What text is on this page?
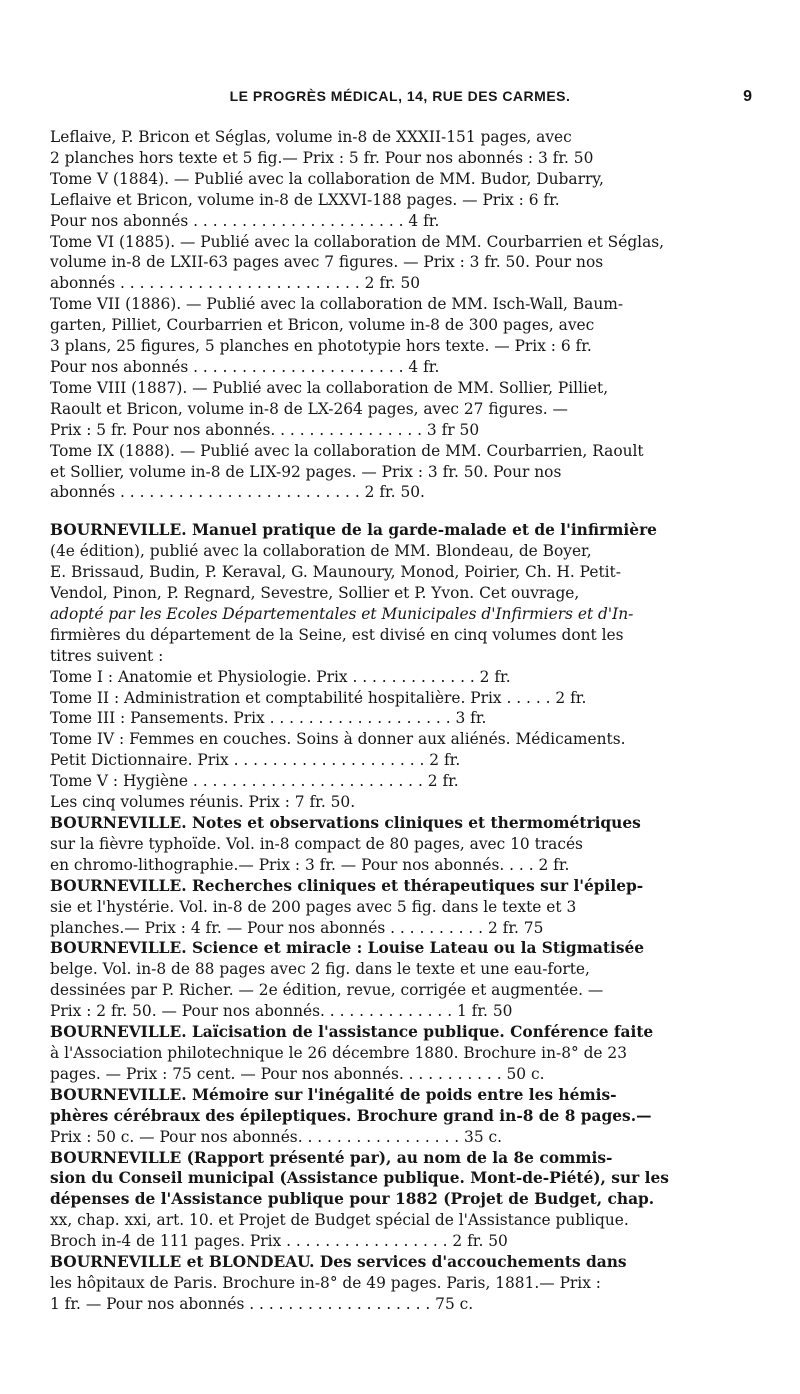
LE PROGRÈS MÉDICAL, 14, RUE DES CARMES.	9
Leflaive, P. Bricon et Séglas, volume in-8 de XXXII-151 pages, avec
2 planches hors texte et 5 fig.— Prix : 5 fr. Pour nos abonnés : 3 fr. 50
Tome V (1884). — Publié avec la collaboration de MM. Budor, Dubarry,
Leflaive et Bricon, volume in-8 de LXXVI-188 pages. — Prix : 6 fr.
Pour nos abonnés . . . . . . . . . . . . . . . . . . . . . . 4 fr.
Tome VI (1885). — Publié avec la collaboration de MM. Courbarrien et Séglas,
volume in-8 de LXII-63 pages avec 7 figures. — Prix : 3 fr. 50. Pour nos
abonnés . . . . . . . . . . . . . . . . . . . . . . . . . 2 fr. 50
Tome VII (1886). — Publié avec la collaboration de MM. Isch-Wall, Baum-
garten, Pilliet, Courbarrien et Bricon, volume in-8 de 300 pages, avec
3 plans, 25 figures, 5 planches en phototypie hors texte. — Prix : 6 fr.
Pour nos abonnés . . . . . . . . . . . . . . . . . . . . . . 4 fr.
Tome VIII (1887). — Publié avec la collaboration de MM. Sollier, Pilliet,
Raoult et Bricon, volume in-8 de LX-264 pages, avec 27 figures. —
Prix : 5 fr. Pour nos abonnés. . . . . . . . . . . . . . . . 3 fr 50
Tome IX (1888). — Publié avec la collaboration de MM. Courbarrien, Raoult
et Sollier, volume in-8 de LIX-92 pages. — Prix : 3 fr. 50. Pour nos
abonnés . . . . . . . . . . . . . . . . . . . . . . . . . 2 fr. 50.
BOURNEVILLE. Manuel pratique de la garde-malade et de l'infirmière
(4e édition), publié avec la collaboration de MM. Blondeau, de Boyer,
E. Brissaud, Budin, P. Keraval, G. Maunoury, Monod, Poirier, Ch. H. Petit-
Vendol, Pinon, P. Regnard, Sevestre, Sollier et P. Yvon. Cet ouvrage,
adopté par les Ecoles Départementales et Municipales d'Infirmiers et d'In-
firmières du département de la Seine, est divisé en cinq volumes dont les
titres suivent :
Tome I : Anatomie et Physiologie. Prix . . . . . . . . . . . . . 2 fr.
Tome II : Administration et comptabilité hospitalière. Prix . . . . . 2 fr.
Tome III : Pansements. Prix . . . . . . . . . . . . . . . . . . . 3 fr.
Tome IV : Femmes en couches. Soins à donner aux aliénés. Médicaments.
Petit Dictionnaire. Prix . . . . . . . . . . . . . . . . . . . . 2 fr.
Tome V : Hygiène . . . . . . . . . . . . . . . . . . . . . . . . 2 fr.
Les cinq volumes réunis. Prix : 7 fr. 50.
BOURNEVILLE. Notes et observations cliniques et thermométriques
sur la fièvre typhoïde. Vol. in-8 compact de 80 pages, avec 10 tracés
en chromo-lithographie.— Prix : 3 fr. — Pour nos abonnés. . . . 2 fr.
BOURNEVILLE. Recherches cliniques et thérapeutiques sur l'épilep-
sie et l'hystérie. Vol. in-8 de 200 pages avec 5 fig. dans le texte et 3
planches.— Prix : 4 fr. — Pour nos abonnés . . . . . . . . . . 2 fr. 75
BOURNEVILLE. Science et miracle : Louise Lateau ou la Stigmatisée
belge. Vol. in-8 de 88 pages avec 2 fig. dans le texte et une eau-forte,
dessinées par P. Richer. — 2e édition, revue, corrigée et augmentée. —
Prix : 2 fr. 50. — Pour nos abonnés. . . . . . . . . . . . . . 1 fr. 50
BOURNEVILLE. Laïcisation de l'assistance publique. Conférence faite
à l'Association philotechnique le 26 décembre 1880. Brochure in-8° de 23
pages. — Prix : 75 cent. — Pour nos abonnés. . . . . . . . . . . 50 c.
BOURNEVILLE. Mémoire sur l'inégalité de poids entre les hémis-
phères cérébraux des épileptiques. Brochure grand in-8 de 8 pages.—
Prix : 50 c. — Pour nos abonnés. . . . . . . . . . . . . . . . . 35 c.
BOURNEVILLE (Rapport présenté par), au nom de la 8e commis-
sion du Conseil municipal (Assistance publique. Mont-de-Piété), sur les
dépenses de l'Assistance publique pour 1882 (Projet de Budget, chap.
xx, chap. xxi, art. 10. et Projet de Budget spécial de l'Assistance publique.
Broch in-4 de 111 pages. Prix . . . . . . . . . . . . . . . . . 2 fr. 50
BOURNEVILLE et BLONDEAU. Des services d'accouchements dans
les hôpitaux de Paris. Brochure in-8° de 49 pages. Paris, 1881.— Prix :
1 fr. — Pour nos abonnés . . . . . . . . . . . . . . . . . . . 75 c.
